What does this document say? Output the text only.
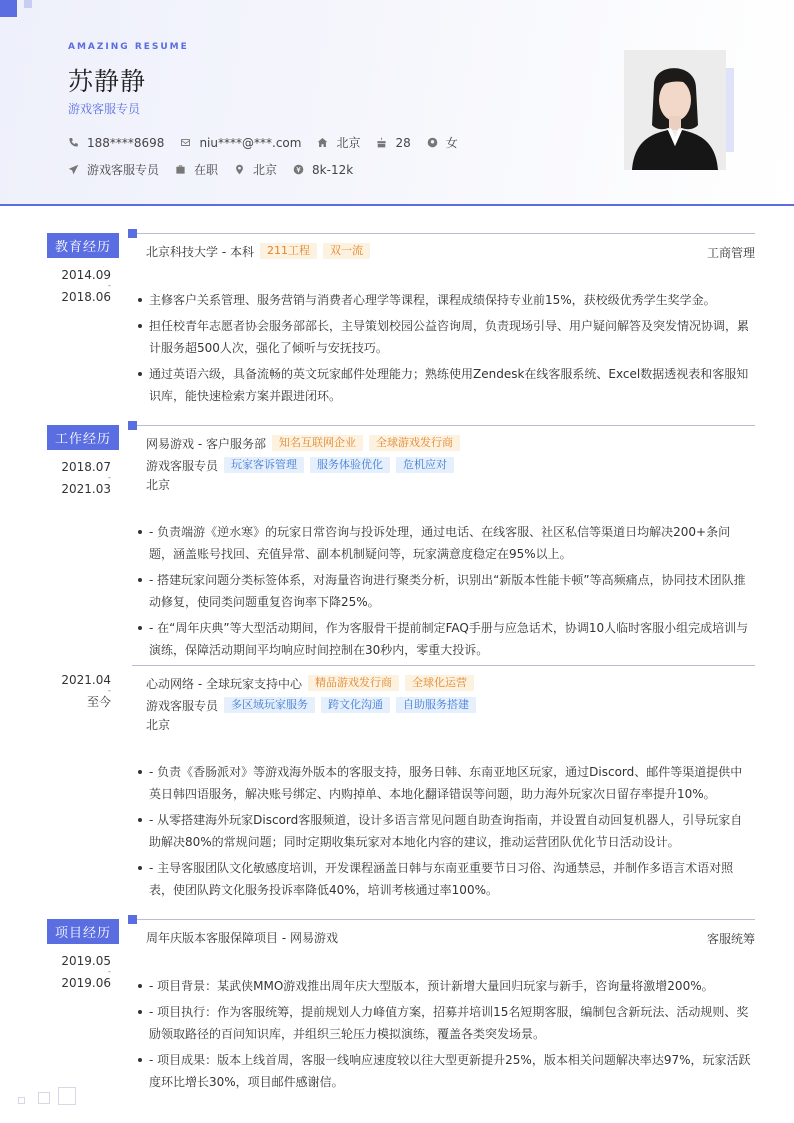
AMAZING RESUME
苏静静
游戏客服专员
188****8698	niu****@***.com	北京	28	女
游戏客服专员	在职	北京	8k-12k
教育经历
2014.09
-
2018.06
北京科技大学 - 本科	211工程	双一流	工商管理
主修客户关系管理、服务营销与消费者心理学等课程，课程成绩保持专业前15%，获校级优秀学生奖学金。
担任校青年志愿者协会服务部部长，主导策划校园公益咨询周，负责现场引导、用户疑问解答及突发情况协调，累计服务超500人次，强化了倾听与安抚技巧。
通过英语六级，具备流畅的英文玩家邮件处理能力；熟练使用Zendesk在线客服系统、Excel数据透视表和客服知识库，能快速检索方案并跟进闭环。
工作经历
2018.07
-
2021.03
网易游戏 - 客户服务部	知名互联网企业	全球游戏发行商
游戏客服专员	玩家客诉管理	服务体验优化	危机应对
北京
- 负责端游《逆水寒》的玩家日常咨询与投诉处理，通过电话、在线客服、社区私信等渠道日均解决200+条问题，涵盖账号找回、充值异常、副本机制疑问等，玩家满意度稳定在95%以上。
- 搭建玩家问题分类标签体系，对海量咨询进行聚类分析，识别出“新版本性能卡顿”等高频痛点，协同技术团队推动修复，使同类问题重复咨询率下降25%。
- 在“周年庆典”等大型活动期间，作为客服骨干提前制定FAQ手册与应急话术，协调10人临时客服小组完成培训与演练，保障活动期间平均响应时间控制在30秒内，零重大投诉。
2021.04
-
至今
心动网络 - 全球玩家支持中心	精品游戏发行商	全球化运营
游戏客服专员	多区域玩家服务	跨文化沟通	自助服务搭建
北京
- 负责《香肠派对》等游戏海外版本的客服支持，服务日韩、东南亚地区玩家，通过Discord、邮件等渠道提供中英日韩四语服务，解决账号绑定、内购掉单、本地化翻译错误等问题，助力海外玩家次日留存率提升10%。
- 从零搭建海外玩家Discord客服频道，设计多语言常见问题自助查询指南，并设置自动回复机器人，引导玩家自助解决80%的常规问题；同时定期收集玩家对本地化内容的建议，推动运营团队优化节日活动设计。
- 主导客服团队文化敏感度培训，开发课程涵盖日韩与东南亚重要节日习俗、沟通禁忌，并制作多语言术语对照表，使团队跨文化服务投诉率降低40%，培训考核通过率100%。
项目经历
2019.05
-
2019.06
周年庆版本客服保障项目 - 网易游戏	客服统筹
- 项目背景：某武侠MMO游戏推出周年庆大型版本，预计新增大量回归玩家与新手，咨询量将激增200%。
- 项目执行：作为客服统筹，提前规划人力峰值方案，招募并培训15名短期客服，编制包含新玩法、活动规则、奖励领取路径的百问知识库，并组织三轮压力模拟演练，覆盖各类突发场景。
- 项目成果：版本上线首周，客服一线响应速度较以往大型更新提升25%，版本相关问题解决率达97%，玩家活跃度环比增长30%，项目邮件感谢信。
